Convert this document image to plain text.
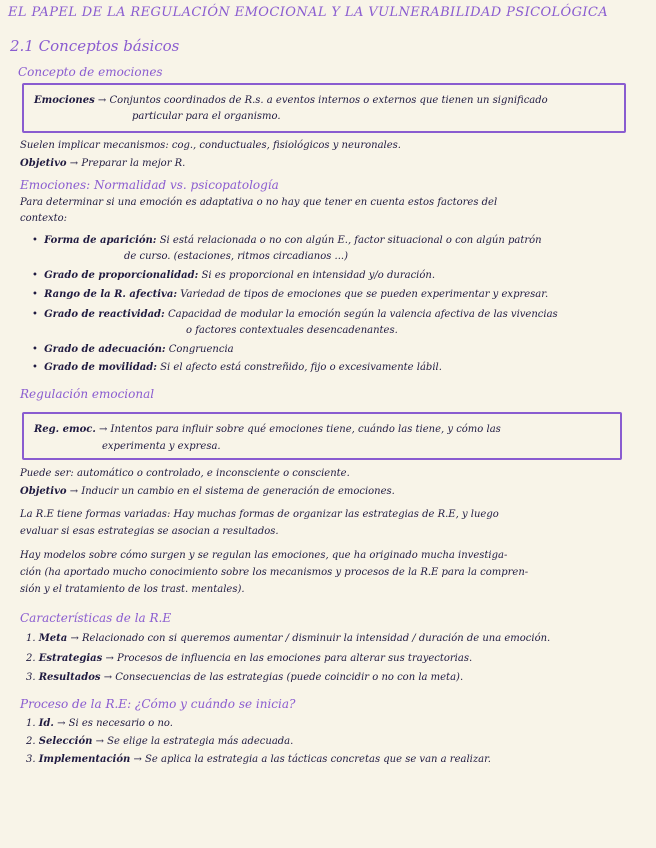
EL PAPEL DE LA REGULACIÓN EMOCIONAL Y LA VULNERABILIDAD PSICOLÓGICA
2.1 Conceptos básicos
Concepto de emociones
Emociones → Conjuntos coordinados de R.s. a eventos internos o externos que tienen un significado
particular para el organismo.
Suelen implicar mecanismos: cog., conductuales, fisiológicos y neuronales.
Objetivo → Preparar la mejor R.
Emociones: Normalidad vs. psicopatología
Para determinar si una emoción es adaptativa o no hay que tener en cuenta estos factores del
contexto:
• Forma de aparición: Si está relacionada o no con algún E., factor situacional o con algún patrón
de curso. (estaciones, ritmos circadianos ...)
• Grado de proporcionalidad: Si es proporcional en intensidad y/o duración.
• Rango de la R. afectiva: Variedad de tipos de emociones que se pueden experimentar y expresar.
• Grado de reactividad: Capacidad de modular la emoción según la valencia afectiva de las vivencias
o factores contextuales desencadenantes.
• Grado de adecuación: Congruencia
• Grado de movilidad: Si el afecto está constreñido, fijo o excesivamente lábil.
Regulación emocional
Reg. emoc. → Intentos para influir sobre qué emociones tiene, cuándo las tiene, y cómo las
experimenta y expresa.
Puede ser: automático o controlado, e inconsciente o consciente.
Objetivo → Inducir un cambio en el sistema de generación de emociones.
La R.E tiene formas variadas: Hay muchas formas de organizar las estrategias de R.E, y luego
evaluar si esas estrategias se asocian a resultados.
Hay modelos sobre cómo surgen y se regulan las emociones, que ha originado mucha investiga-
ción (ha aportado mucho conocimiento sobre los mecanismos y procesos de la R.E para la compren-
sión y el tratamiento de los trast. mentales).
Características de la R.E
1. Meta → Relacionado con si queremos aumentar / disminuir la intensidad / duración de una emoción.
2. Estrategias → Procesos de influencia en las emociones para alterar sus trayectorias.
3. Resultados → Consecuencias de las estrategias (puede coincidir o no con la meta).
Proceso de la R.E: ¿Cómo y cuándo se inicia?
1. Id. → Si es necesario o no.
2. Selección → Se elige la estrategia más adecuada.
3. Implementación → Se aplica la estrategia a las tácticas concretas que se van a realizar.
